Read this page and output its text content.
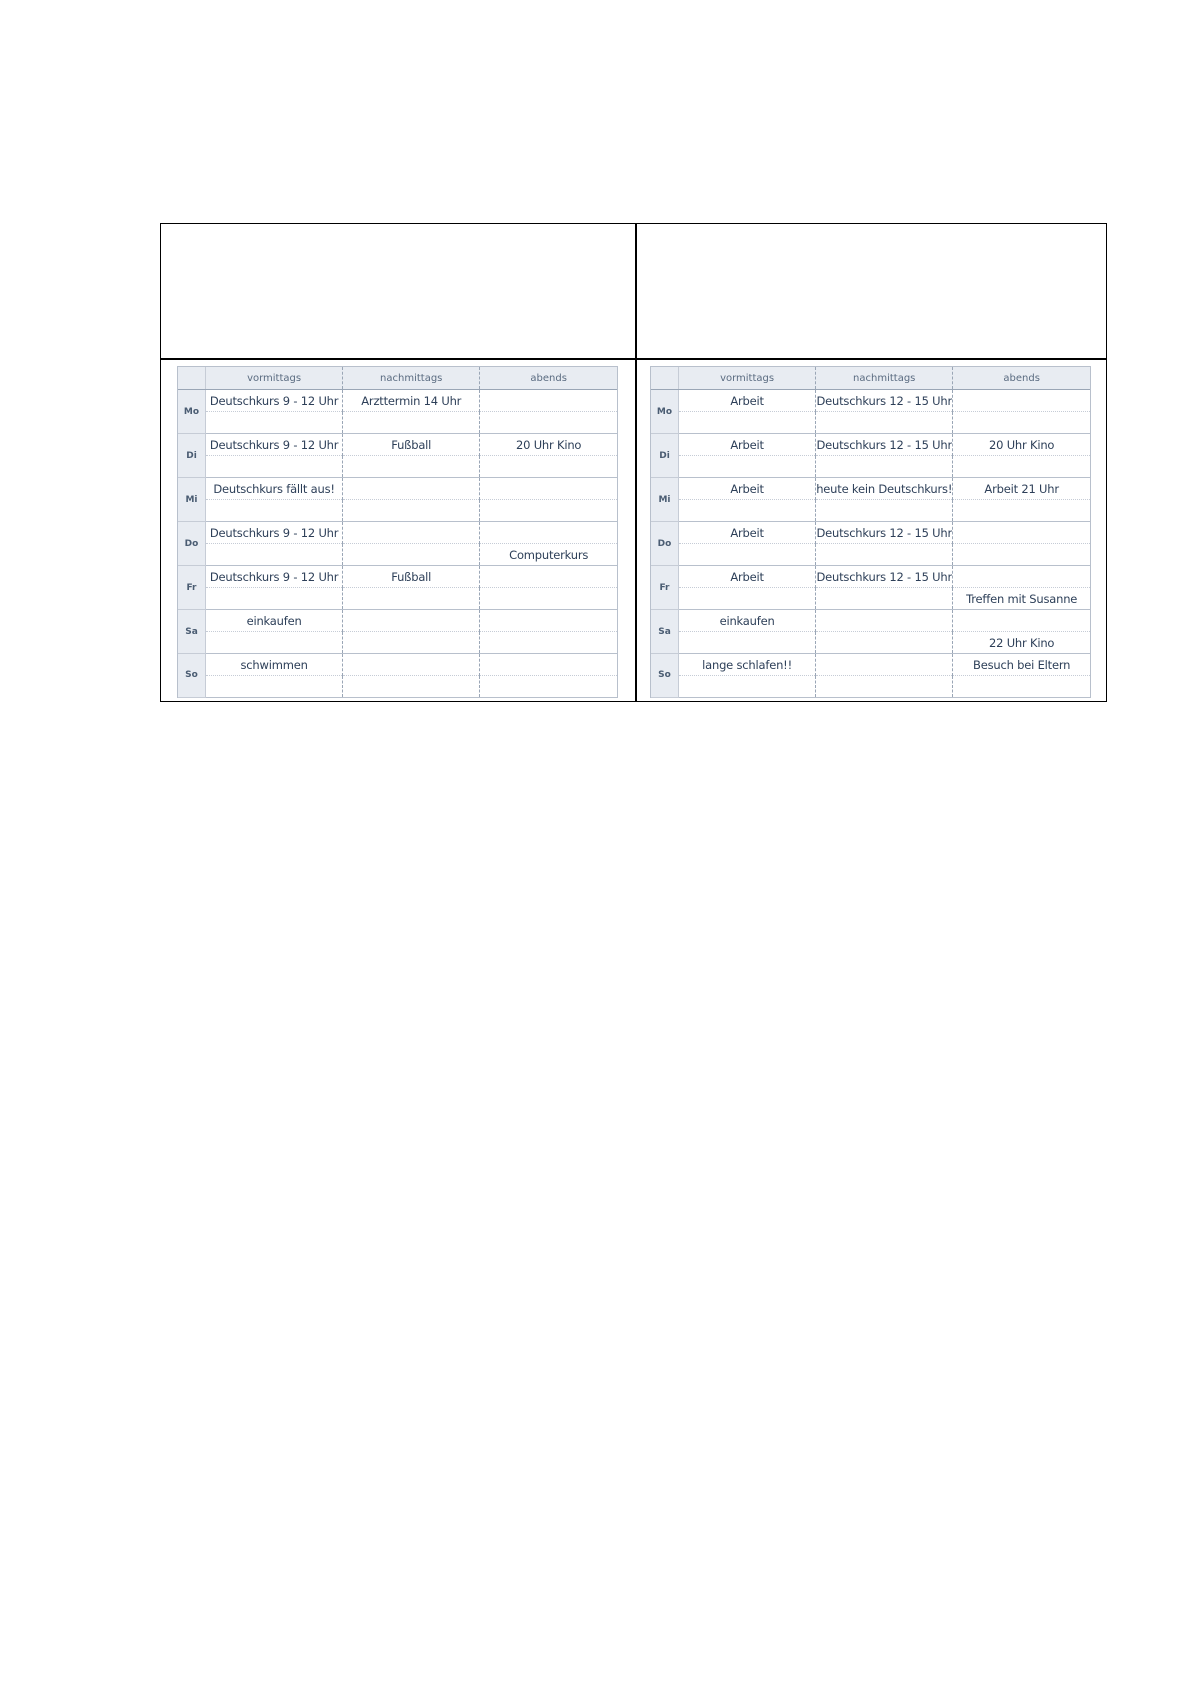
	vormittags	nachmittags	abends
Mo	Deutschkurs 9 - 12 Uhr	Arzttermin 14 Uhr	

Di	Deutschkurs 9 - 12 Uhr	Fußball	20 Uhr Kino

Mi	Deutschkurs fällt aus!		

Do	Deutschkurs 9 - 12 Uhr		
			Computerkurs
Fr	Deutschkurs 9 - 12 Uhr	Fußball	

Sa	einkaufen		

So	schwimmen		

	vormittags	nachmittags	abends
Mo	Arbeit	Deutschkurs 12 - 15 Uhr	

Di	Arbeit	Deutschkurs 12 - 15 Uhr	20 Uhr Kino

Mi	Arbeit	heute kein Deutschkurs!	Arbeit 21 Uhr

Do	Arbeit	Deutschkurs 12 - 15 Uhr	

Fr	Arbeit	Deutschkurs 12 - 15 Uhr	
			Treffen mit Susanne
Sa	einkaufen		
			22 Uhr Kino
So	lange schlafen!!		Besuch bei Eltern
